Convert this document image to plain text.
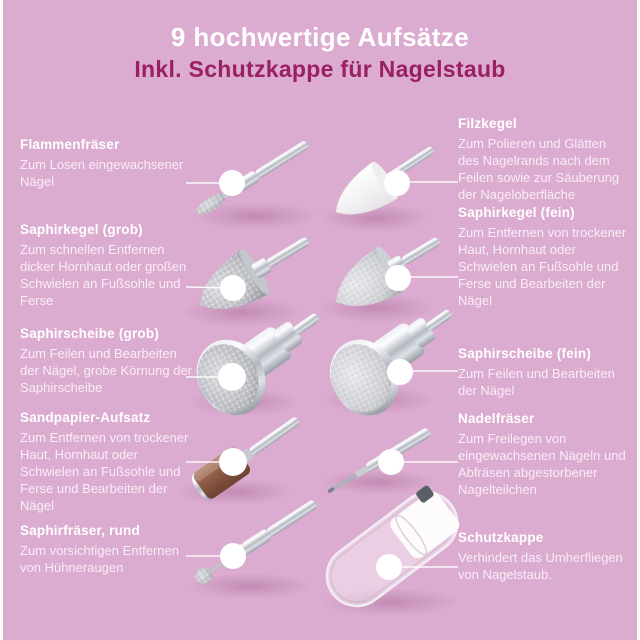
9 hochwertige Aufsätze
Inkl. Schutzkappe für Nagelstaub
Flammenfräser

Zum Losen eingewachsener Nägel

Saphirkegel (grob)

Zum schnellen Entfernen dicker Hornhaut oder großen Schwielen an Fußsohle und Ferse

Saphirscheibe (grob)

Zum Feilen und Bearbeiten der Nägel, grobe Körnung der Saphirscheibe

Sandpapier-Aufsatz

Zum Entfernen von trockener Haut, Hornhaut oder Schwielen an Fußsohle und Ferse und Bearbeiten der Nägel

Saphirfräser, rund

Zum vorsichtigen Entfernen von Hühneraugen

Filzkegel

Zum Polieren und Glätten des Nagelrands nach dem Feilen sowie zur Säuberung der Nageloberfläche

Saphirkegel (fein)

Zum Entfernen von trockener Haut, Hornhaut oder Schwielen an Fußsohle und Ferse und Bearbeiten der Nägel

Saphirscheibe (fein)

Zum Feilen und Bearbeiten der Nägel

Nadelfräser

Zum Freilegen von eingewachsenen Nägeln und Abfräsen abgestorbener Nagelteilchen

Schutzkappe

Verhindert das Umherfliegen von Nagelstaub.
